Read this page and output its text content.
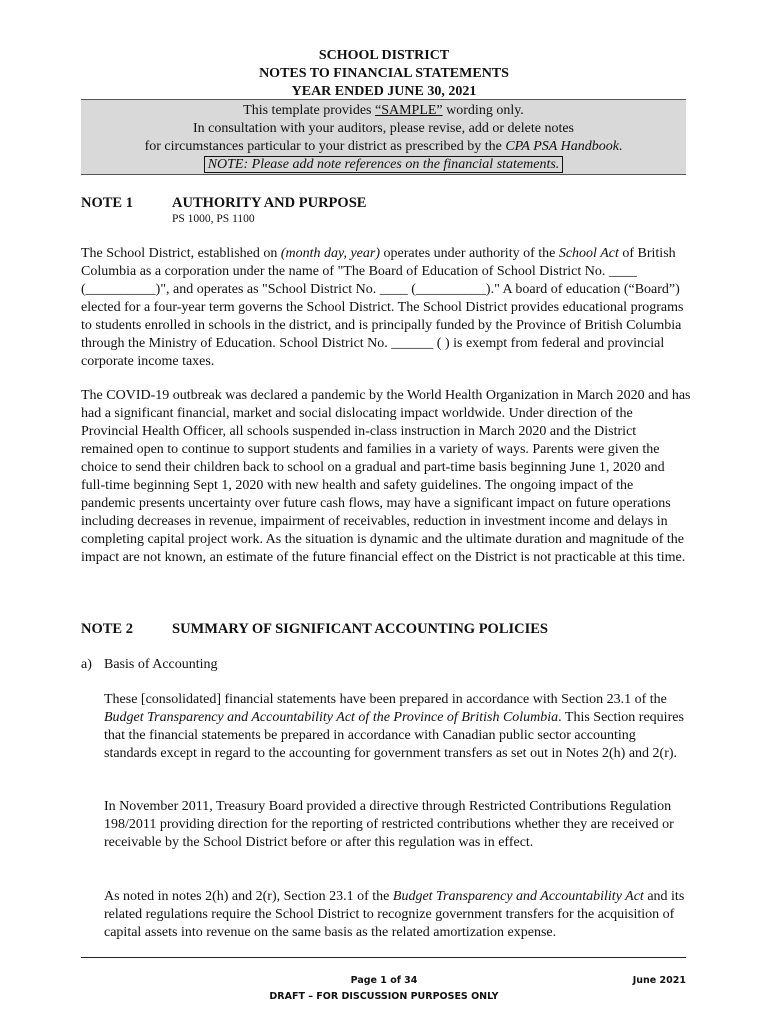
SCHOOL DISTRICT
NOTES TO FINANCIAL STATEMENTS
YEAR ENDED JUNE 30, 2021
This template provides “SAMPLE” wording only.
In consultation with your auditors, please revise, add or delete notes
for circumstances particular to your district as prescribed by the CPA PSA Handbook.
NOTE: Please add note references on the financial statements.
NOTE 1	AUTHORITY AND PURPOSE
PS 1000, PS 1100

The School District, established on (month day, year) operates under authority of the School Act of British Columbia as a corporation under the name of "The Board of Education of School District No. ____ (__________)", and operates as "School District No. ____ (__________)." A board of education (“Board”) elected for a four-year term governs the School District. The School District provides educational programs to students enrolled in schools in the district, and is principally funded by the Province of British Columbia through the Ministry of Education. School District No. ______ ( ) is exempt from federal and provincial corporate income taxes.

The COVID-19 outbreak was declared a pandemic by the World Health Organization in March 2020 and has had a significant financial, market and social dislocating impact worldwide. Under direction of the Provincial Health Officer, all schools suspended in-class instruction in March 2020 and the District remained open to continue to support students and families in a variety of ways. Parents were given the choice to send their children back to school on a gradual and part-time basis beginning June 1, 2020 and full-time beginning Sept 1, 2020 with new health and safety guidelines. The ongoing impact of the pandemic presents uncertainty over future cash flows, may have a significant impact on future operations including decreases in revenue, impairment of receivables, reduction in investment income and delays in completing capital project work. As the situation is dynamic and the ultimate duration and magnitude of the impact are not known, an estimate of the future financial effect on the District is not practicable at this time.

NOTE 2	SUMMARY OF SIGNIFICANT ACCOUNTING POLICIES
a) Basis of Accounting

These [consolidated] financial statements have been prepared in accordance with Section 23.1 of the Budget Transparency and Accountability Act of the Province of British Columbia. This Section requires that the financial statements be prepared in accordance with Canadian public sector accounting standards except in regard to the accounting for government transfers as set out in Notes 2(h) and 2(r).

In November 2011, Treasury Board provided a directive through Restricted Contributions Regulation 198/2011 providing direction for the reporting of restricted contributions whether they are received or receivable by the School District before or after this regulation was in effect.

As noted in notes 2(h) and 2(r), Section 23.1 of the Budget Transparency and Accountability Act and its related regulations require the School District to recognize government transfers for the acquisition of capital assets into revenue on the same basis as the related amortization expense.

Page 1 of 34	June 2021
DRAFT – FOR DISCUSSION PURPOSES ONLY
